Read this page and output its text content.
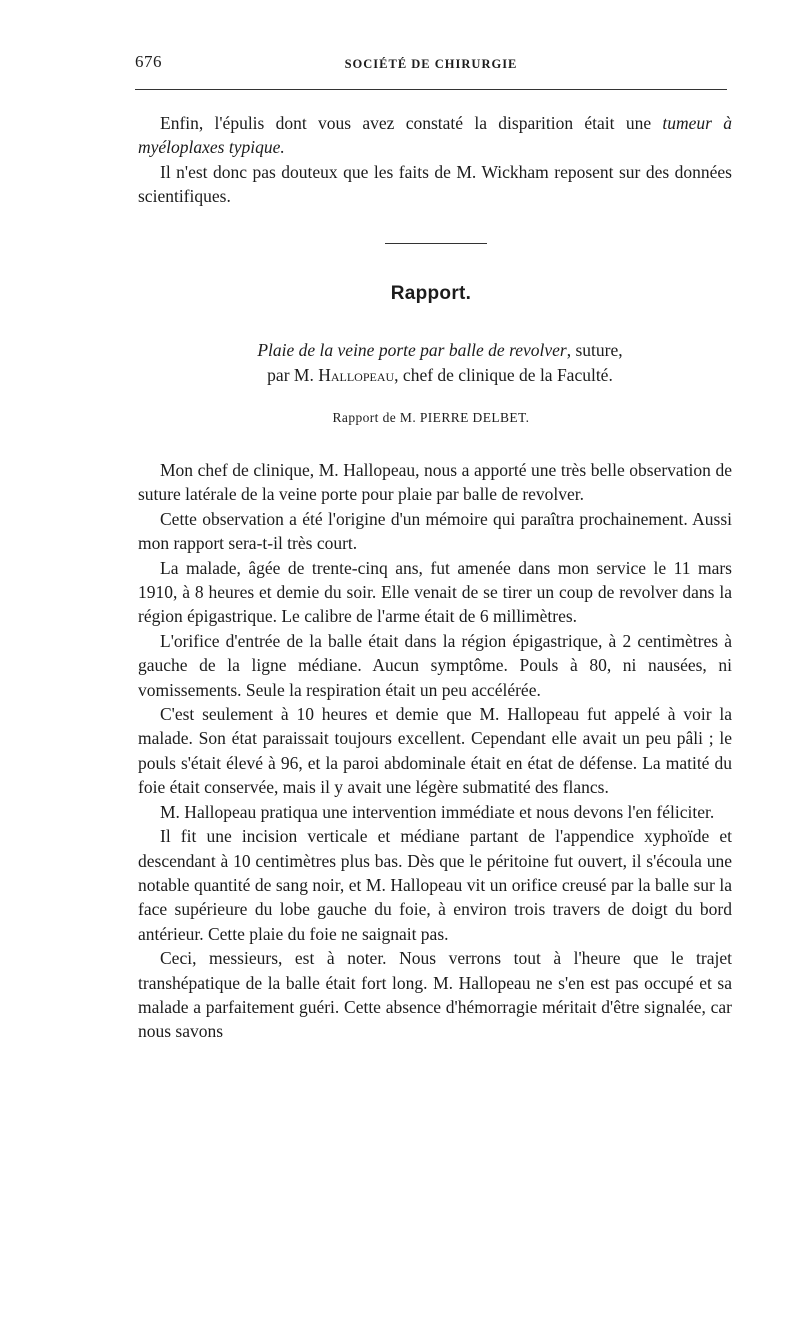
676	SOCIÉTÉ DE CHIRURGIE

Enfin, l'épulis dont vous avez constaté la disparition était une tumeur à myéloplaxes typique.

Il n'est donc pas douteux que les faits de M. Wickham reposent sur des données scientifiques.

Rapport.
Plaie de la veine porte par balle de revolver, suture,
par M. Hallopeau, chef de clinique de la Faculté.
Rapport de M. PIERRE DELBET.

Mon chef de clinique, M. Hallopeau, nous a apporté une très belle observation de suture latérale de la veine porte pour plaie par balle de revolver.

Cette observation a été l'origine d'un mémoire qui paraîtra prochainement. Aussi mon rapport sera-t-il très court.

La malade, âgée de trente-cinq ans, fut amenée dans mon service le 11 mars 1910, à 8 heures et demie du soir. Elle venait de se tirer un coup de revolver dans la région épigastrique. Le calibre de l'arme était de 6 millimètres.

L'orifice d'entrée de la balle était dans la région épigastrique, à 2 centimètres à gauche de la ligne médiane. Aucun symptôme. Pouls à 80, ni nausées, ni vomissements. Seule la respiration était un peu accélérée.

C'est seulement à 10 heures et demie que M. Hallopeau fut appelé à voir la malade. Son état paraissait toujours excellent. Cependant elle avait un peu pâli ; le pouls s'était élevé à 96, et la paroi abdominale était en état de défense. La matité du foie était conservée, mais il y avait une légère submatité des flancs.

M. Hallopeau pratiqua une intervention immédiate et nous devons l'en féliciter.

Il fit une incision verticale et médiane partant de l'appendice xyphoïde et descendant à 10 centimètres plus bas. Dès que le péritoine fut ouvert, il s'écoula une notable quantité de sang noir, et M. Hallopeau vit un orifice creusé par la balle sur la face supérieure du lobe gauche du foie, à environ trois travers de doigt du bord antérieur. Cette plaie du foie ne saignait pas.

Ceci, messieurs, est à noter. Nous verrons tout à l'heure que le trajet transhépatique de la balle était fort long. M. Hallopeau ne s'en est pas occupé et sa malade a parfaitement guéri. Cette absence d'hémorragie méritait d'être signalée, car nous savons
